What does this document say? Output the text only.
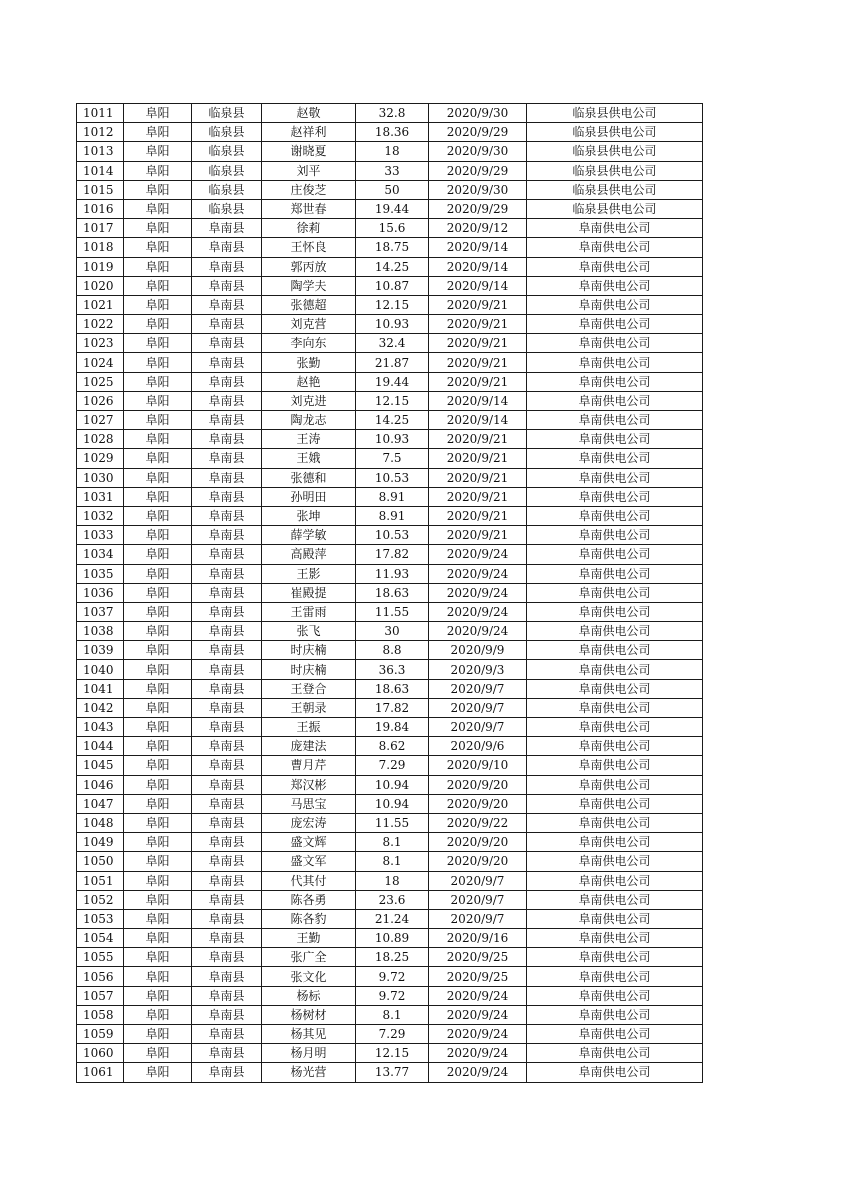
1011	阜阳	临泉县	赵敬	32.8	2020/9/30	临泉县供电公司
1012	阜阳	临泉县	赵祥利	18.36	2020/9/29	临泉县供电公司
1013	阜阳	临泉县	谢晓夏	18	2020/9/30	临泉县供电公司
1014	阜阳	临泉县	刘平	33	2020/9/29	临泉县供电公司
1015	阜阳	临泉县	庄俊芝	50	2020/9/30	临泉县供电公司
1016	阜阳	临泉县	郑世春	19.44	2020/9/29	临泉县供电公司
1017	阜阳	阜南县	徐莉	15.6	2020/9/12	阜南供电公司
1018	阜阳	阜南县	王怀良	18.75	2020/9/14	阜南供电公司
1019	阜阳	阜南县	郭丙放	14.25	2020/9/14	阜南供电公司
1020	阜阳	阜南县	陶学夫	10.87	2020/9/14	阜南供电公司
1021	阜阳	阜南县	张德超	12.15	2020/9/21	阜南供电公司
1022	阜阳	阜南县	刘克营	10.93	2020/9/21	阜南供电公司
1023	阜阳	阜南县	李向东	32.4	2020/9/21	阜南供电公司
1024	阜阳	阜南县	张勤	21.87	2020/9/21	阜南供电公司
1025	阜阳	阜南县	赵艳	19.44	2020/9/21	阜南供电公司
1026	阜阳	阜南县	刘克进	12.15	2020/9/14	阜南供电公司
1027	阜阳	阜南县	陶龙志	14.25	2020/9/14	阜南供电公司
1028	阜阳	阜南县	王涛	10.93	2020/9/21	阜南供电公司
1029	阜阳	阜南县	王娥	7.5	2020/9/21	阜南供电公司
1030	阜阳	阜南县	张德和	10.53	2020/9/21	阜南供电公司
1031	阜阳	阜南县	孙明田	8.91	2020/9/21	阜南供电公司
1032	阜阳	阜南县	张坤	8.91	2020/9/21	阜南供电公司
1033	阜阳	阜南县	薛学敏	10.53	2020/9/21	阜南供电公司
1034	阜阳	阜南县	高殿萍	17.82	2020/9/24	阜南供电公司
1035	阜阳	阜南县	王影	11.93	2020/9/24	阜南供电公司
1036	阜阳	阜南县	崔殿提	18.63	2020/9/24	阜南供电公司
1037	阜阳	阜南县	王雷雨	11.55	2020/9/24	阜南供电公司
1038	阜阳	阜南县	张飞	30	2020/9/24	阜南供电公司
1039	阜阳	阜南县	时庆楠	8.8	2020/9/9	阜南供电公司
1040	阜阳	阜南县	时庆楠	36.3	2020/9/3	阜南供电公司
1041	阜阳	阜南县	王登合	18.63	2020/9/7	阜南供电公司
1042	阜阳	阜南县	王朝录	17.82	2020/9/7	阜南供电公司
1043	阜阳	阜南县	王振	19.84	2020/9/7	阜南供电公司
1044	阜阳	阜南县	庞建法	8.62	2020/9/6	阜南供电公司
1045	阜阳	阜南县	曹月芹	7.29	2020/9/10	阜南供电公司
1046	阜阳	阜南县	郑汉彬	10.94	2020/9/20	阜南供电公司
1047	阜阳	阜南县	马思宝	10.94	2020/9/20	阜南供电公司
1048	阜阳	阜南县	庞宏涛	11.55	2020/9/22	阜南供电公司
1049	阜阳	阜南县	盛文辉	8.1	2020/9/20	阜南供电公司
1050	阜阳	阜南县	盛文军	8.1	2020/9/20	阜南供电公司
1051	阜阳	阜南县	代其付	18	2020/9/7	阜南供电公司
1052	阜阳	阜南县	陈各勇	23.6	2020/9/7	阜南供电公司
1053	阜阳	阜南县	陈各豹	21.24	2020/9/7	阜南供电公司
1054	阜阳	阜南县	王勤	10.89	2020/9/16	阜南供电公司
1055	阜阳	阜南县	张广全	18.25	2020/9/25	阜南供电公司
1056	阜阳	阜南县	张文化	9.72	2020/9/25	阜南供电公司
1057	阜阳	阜南县	杨标	9.72	2020/9/24	阜南供电公司
1058	阜阳	阜南县	杨树材	8.1	2020/9/24	阜南供电公司
1059	阜阳	阜南县	杨其见	7.29	2020/9/24	阜南供电公司
1060	阜阳	阜南县	杨月明	12.15	2020/9/24	阜南供电公司
1061	阜阳	阜南县	杨光营	13.77	2020/9/24	阜南供电公司
